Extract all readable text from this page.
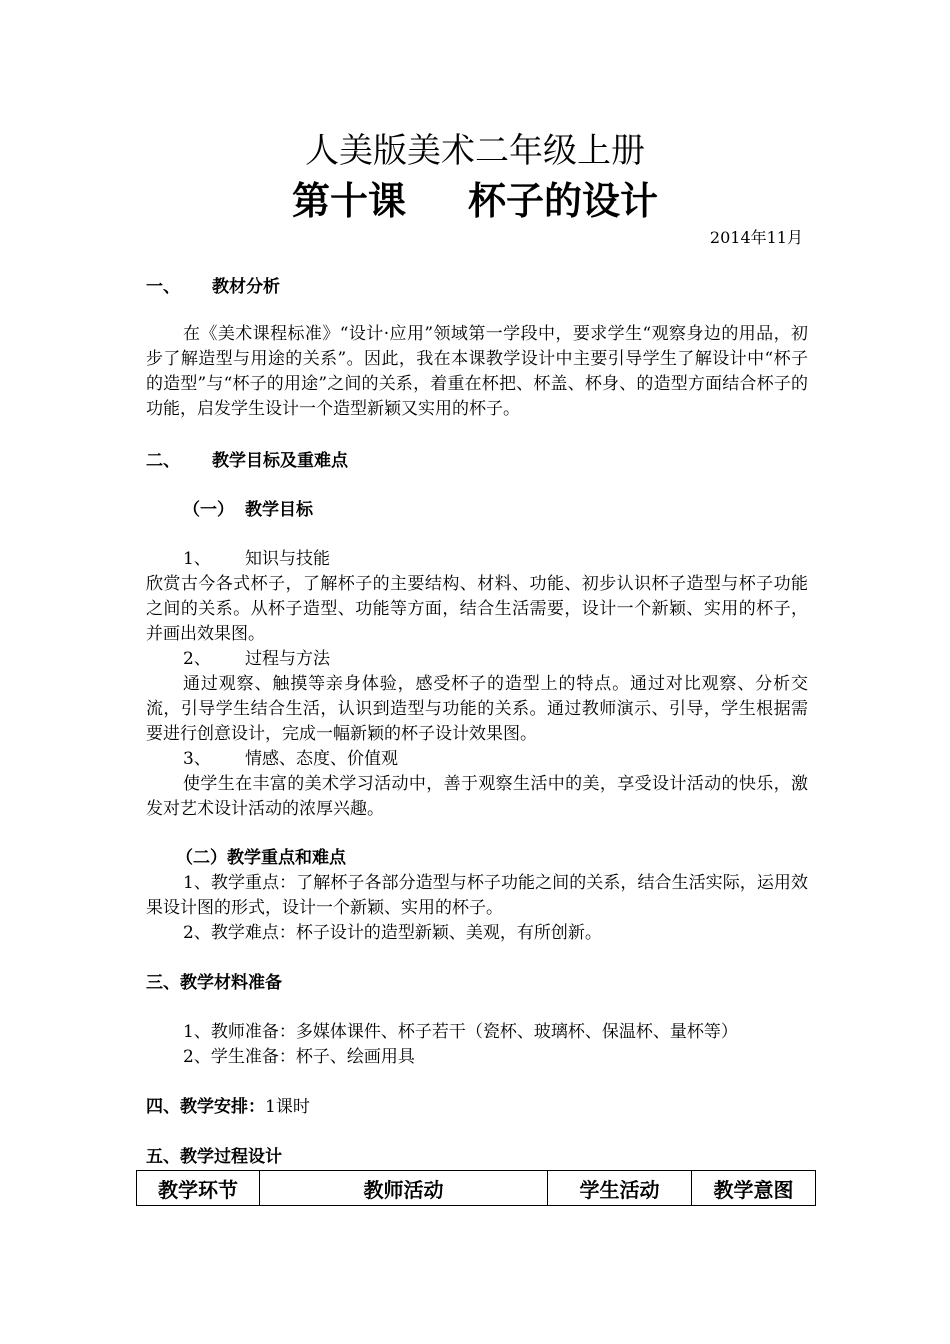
人美版美术二年级上册
第十课 杯子的设计
2014年11月
一、 教材分析

在《美术课程标准》“设计·应用”领域第一学段中，要求学生“观察身边的用品，初步了解造型与用途的关系”。因此，我在本课教学设计中主要引导学生了解设计中“杯子的造型”与“杯子的用途”之间的关系，着重在杯把、杯盖、杯身、的造型方面结合杯子的功能，启发学生设计一个造型新颖又实用的杯子。

二、 教学目标及重难点
（一） 教学目标
1、 知识与技能

欣赏古今各式杯子，了解杯子的主要结构、材料、功能、初步认识杯子造型与杯子功能之间的关系。从杯子造型、功能等方面，结合生活需要，设计一个新颖、实用的杯子，并画出效果图。

2、 过程与方法

通过观察、触摸等亲身体验，感受杯子的造型上的特点。通过对比观察、分析交流，引导学生结合生活，认识到造型与功能的关系。通过教师演示、引导，学生根据需要进行创意设计，完成一幅新颖的杯子设计效果图。

3、 情感、态度、价值观

使学生在丰富的美术学习活动中，善于观察生活中的美，享受设计活动的快乐，激发对艺术设计活动的浓厚兴趣。

（二）教学重点和难点

1、教学重点：了解杯子各部分造型与杯子功能之间的关系，结合生活实际，运用效果设计图的形式，设计一个新颖、实用的杯子。

2、教学难点：杯子设计的造型新颖、美观，有所创新。

三、教学材料准备
1、教师准备：多媒体课件、杯子若干（瓷杯、玻璃杯、保温杯、量杯等）
2、学生准备：杯子、绘画用具
四、教学安排：1课时
五、教学过程设计
教学环节	教师活动	学生活动	教学意图
